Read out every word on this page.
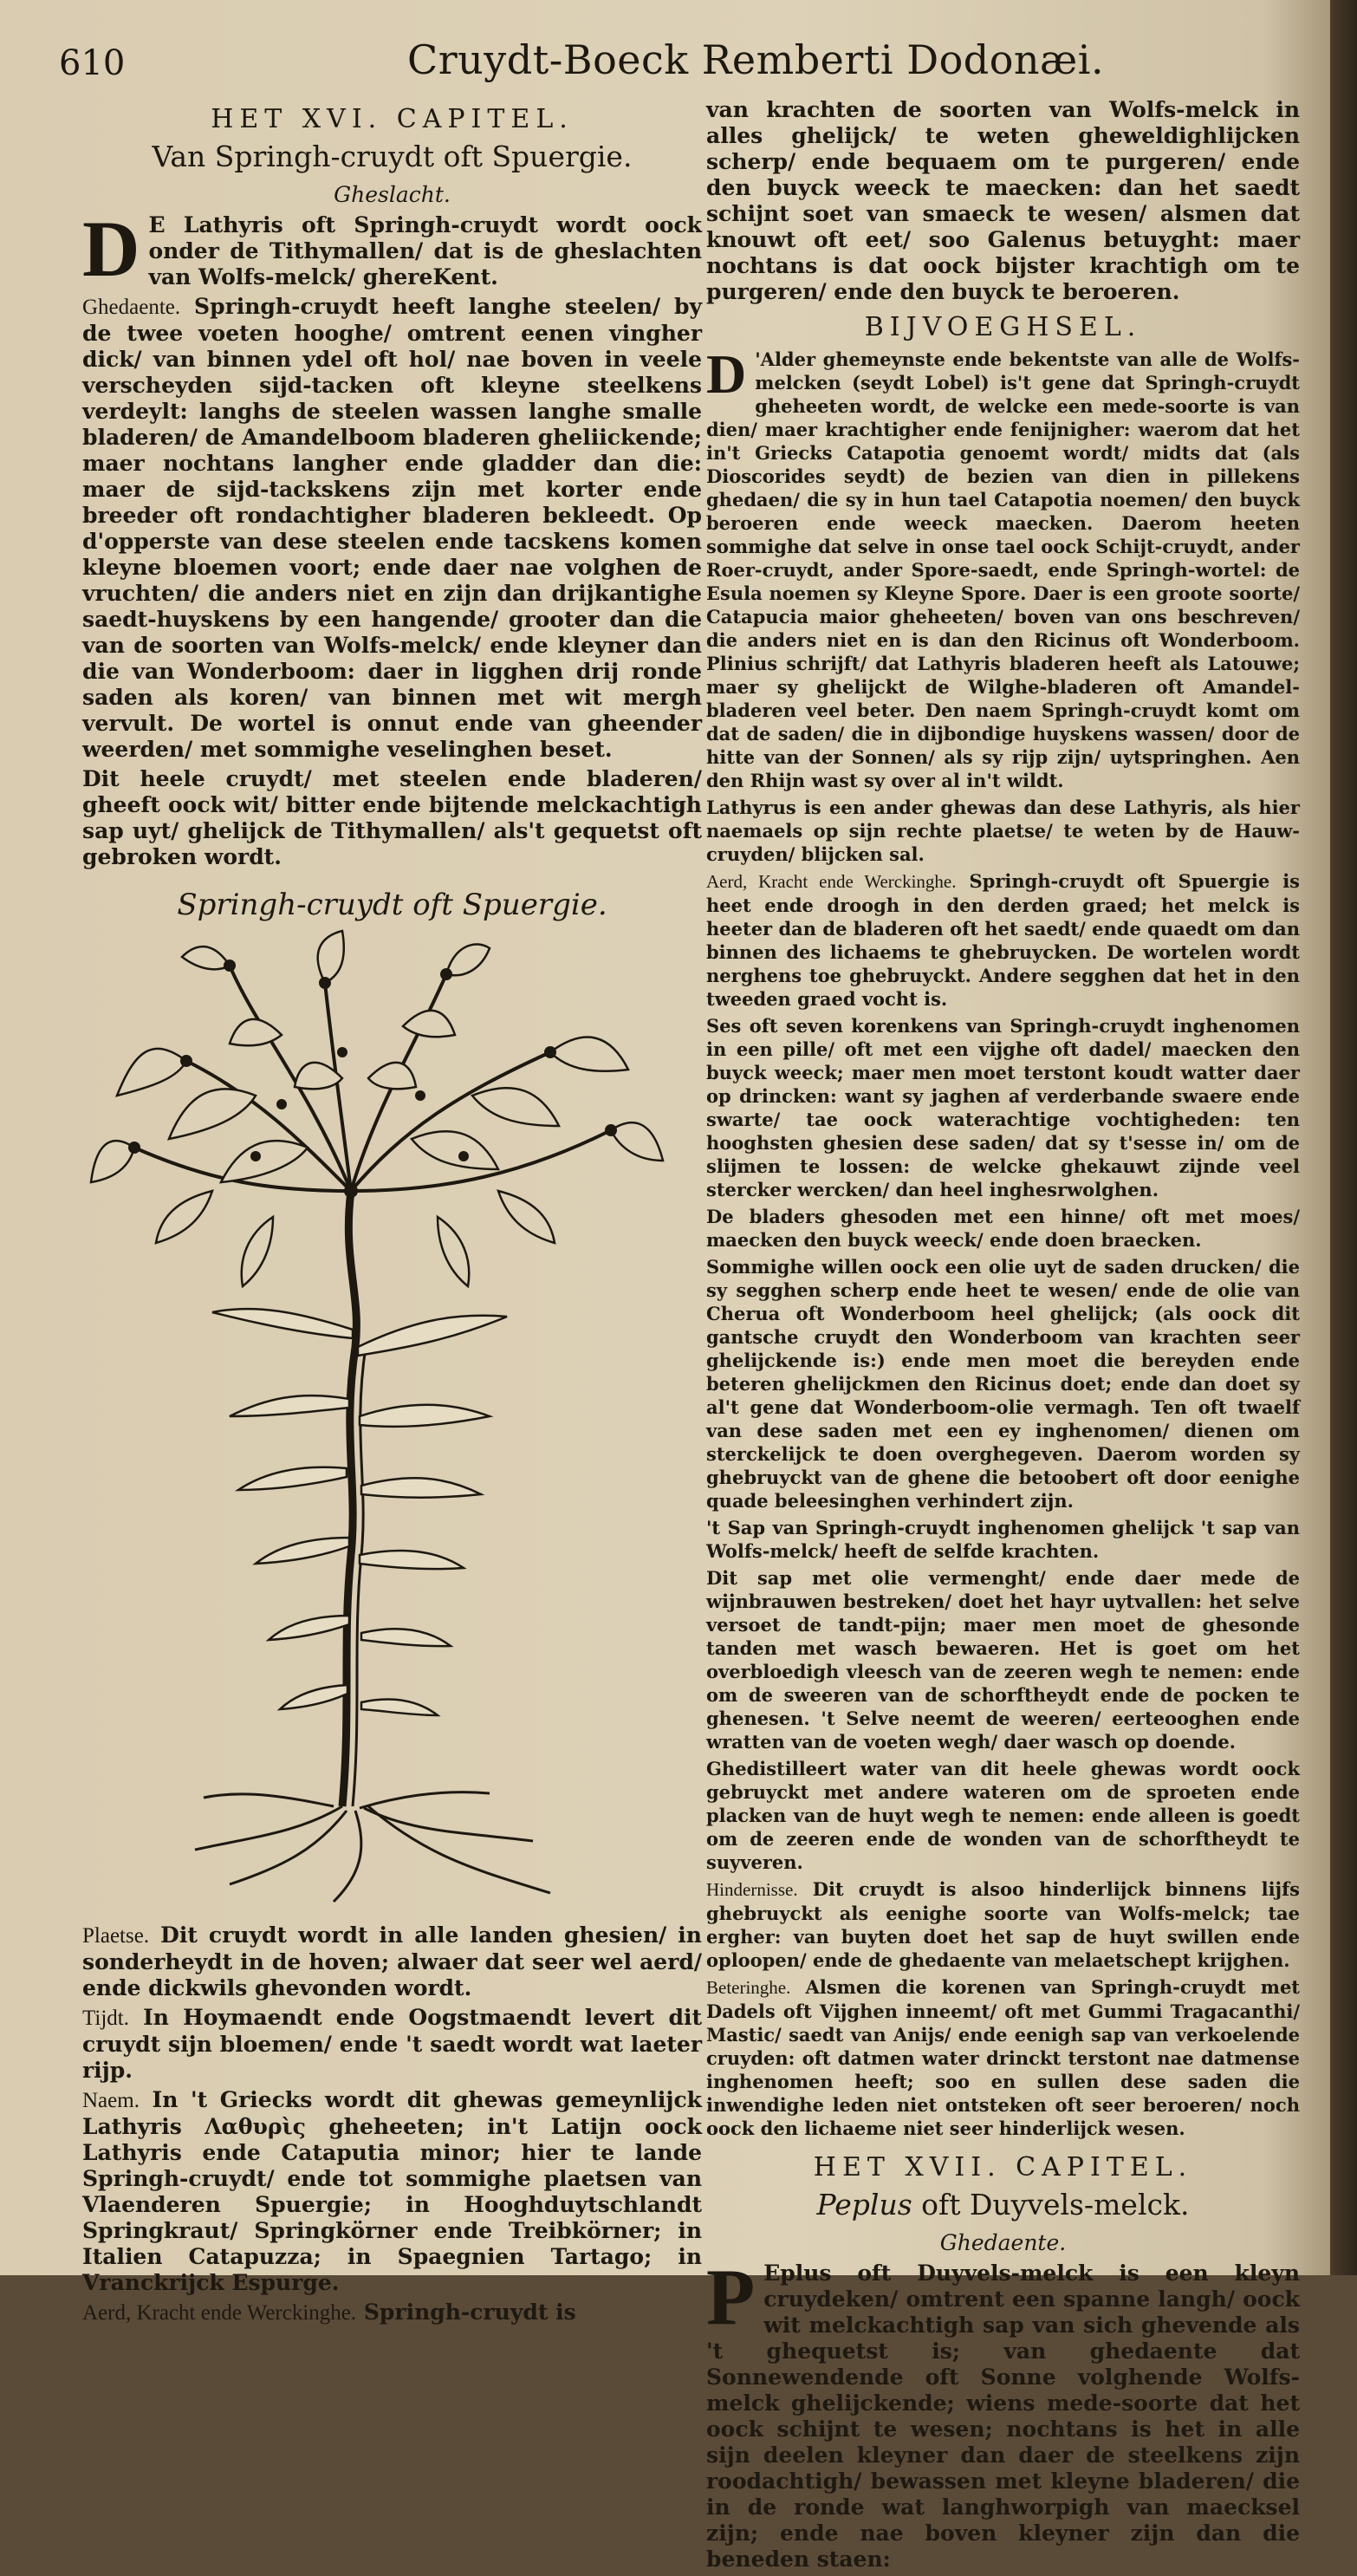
610	Cruydt-Boeck Remberti Dodonæi.
HET XVI. CAPITEL.
Van Springh-cruydt oft Spuergie.
Gheslacht.

D E Lathyris oft Springh-cruydt wordt oock onder de Tithymallen/ dat is de gheslachten van Wolfs-melck/ ghereKent.

Ghedaente. Springh-cruydt heeft langhe steelen/ by de twee voeten hooghe/ omtrent eenen vingher dick/ van binnen ydel oft hol/ nae boven in veele verscheyden sijd-tacken oft kleyne steelkens verdeylt: langhs de steelen wassen langhe smalle bladeren/ de Amandelboom bladeren gheliickende; maer nochtans langher ende gladder dan die: maer de sijd-tackskens zijn met korter ende breeder oft rondachtigher bladeren bekleedt. Op d'opperste van dese steelen ende tacskens komen kleyne bloemen voort; ende daer nae volghen de vruchten/ die anders niet en zijn dan drijkantighe saedt-huyskens by een hangende/ grooter dan die van de soorten van Wolfs-melck/ ende kleyner dan die van Wonderboom: daer in ligghen drij ronde saden als koren/ van binnen met wit mergh vervult. De wortel is onnut ende van gheender weerden/ met sommighe veselinghen beset.

Dit heele cruydt/ met steelen ende bladeren/ gheeft oock wit/ bitter ende bijtende melckachtigh sap uyt/ ghelijck de Tithymallen/ als't gequetst oft gebroken wordt.

Springh-cruydt oft Spuergie.

Plaetse. Dit cruydt wordt in alle landen ghesien/ in sonderheydt in de hoven; alwaer dat seer wel aerd/ ende dickwils ghevonden wordt.

Tijdt. In Hoymaendt ende Oogstmaendt levert dit cruydt sijn bloemen/ ende 't saedt wordt wat laeter rijp.

Naem. In 't Griecks wordt dit ghewas gemeynlijck Lathyris Λαθυρὶς gheheeten; in't Latijn oock Lathyris ende Cataputia minor; hier te lande Springh-cruydt/ ende tot sommighe plaetsen van Vlaenderen Spuergie; in Hooghduytschlandt Springkraut/ Springkörner ende Treibkörner; in Italien Catapuzza; in Spaegnien Tartago; in Vranckrijck Espurge.

Aerd, Kracht ende Werckinghe. Springh-cruydt is

van krachten de soorten van Wolfs-melck in alles ghelijck/ te weten gheweldighlijcken scherp/ ende bequaem om te purgeren/ ende den buyck weeck te maecken: dan het saedt schijnt soet van smaeck te wesen/ alsmen dat knouwt oft eet/ soo Galenus betuyght: maer nochtans is dat oock bijster krachtigh om te purgeren/ ende den buyck te beroeren.

BIJVOEGHSEL.

D 'Alder ghemeynste ende bekentste van alle de Wolfs-melcken (seydt Lobel) is't gene dat Springh-cruydt gheheeten wordt, de welcke een mede-soorte is van dien/ maer krachtigher ende fenijnigher: waerom dat het in't Griecks Catapotia genoemt wordt/ midts dat (als Dioscorides seydt) de bezien van dien in pillekens ghedaen/ die sy in hun tael Catapotia noemen/ den buyck beroeren ende weeck maecken. Daerom heeten sommighe dat selve in onse tael oock Schijt-cruydt, ander Roer-cruydt, ander Spore-saedt, ende Springh-wortel: de Esula noemen sy Kleyne Spore. Daer is een groote soorte/ Catapucia maior gheheeten/ boven van ons beschreven/ die anders niet en is dan den Ricinus oft Wonderboom. Plinius schrijft/ dat Lathyris bladeren heeft als Latouwe; maer sy ghelijckt de Wilghe-bladeren oft Amandel-bladeren veel beter. Den naem Springh-cruydt komt om dat de saden/ die in dijbondige huyskens wassen/ door de hitte van der Sonnen/ als sy rijp zijn/ uytspringhen. Aen den Rhijn wast sy over al in't wildt.

Lathyrus is een ander ghewas dan dese Lathyris, als hier naemaels op sijn rechte plaetse/ te weten by de Hauw-cruyden/ blijcken sal.

Aerd, Kracht ende Werckinghe. Springh-cruydt oft Spuergie is heet ende droogh in den derden graed; het melck is heeter dan de bladeren oft het saedt/ ende quaedt om dan binnen des lichaems te ghebruycken. De wortelen wordt nerghens toe ghebruyckt. Andere segghen dat het in den tweeden graed vocht is.

Ses oft seven korenkens van Springh-cruydt inghenomen in een pille/ oft met een vijghe oft dadel/ maecken den buyck weeck; maer men moet terstont koudt watter daer op drincken: want sy jaghen af verderbande swaere ende swarte/ tae oock waterachtige vochtigheden: ten hooghsten ghesien dese saden/ dat sy t'sesse in/ om de slijmen te lossen: de welcke ghekauwt zijnde veel stercker wercken/ dan heel inghesrwolghen.

De bladers ghesoden met een hinne/ oft met moes/ maecken den buyck weeck/ ende doen braecken.

Sommighe willen oock een olie uyt de saden drucken/ die sy segghen scherp ende heet te wesen/ ende de olie van Cherua oft Wonderboom heel ghelijck; (als oock dit gantsche cruydt den Wonderboom van krachten seer ghelijckende is:) ende men moet die bereyden ende beteren ghelijckmen den Ricinus doet; ende dan doet sy al't gene dat Wonderboom-olie vermagh. Ten oft twaelf van dese saden met een ey inghenomen/ dienen om sterckelijck te doen overghegeven. Daerom worden sy ghebruyckt van de ghene die betoobert oft door eenighe quade beleesinghen verhindert zijn.

't Sap van Springh-cruydt inghenomen ghelijck 't sap van Wolfs-melck/ heeft de selfde krachten.

Dit sap met olie vermenght/ ende daer mede de wijnbrauwen bestreken/ doet het hayr uytvallen: het selve versoet de tandt-pijn; maer men moet de ghesonde tanden met wasch bewaeren. Het is goet om het overbloedigh vleesch van de zeeren wegh te nemen: ende om de sweeren van de schorftheydt ende de pocken te ghenesen. 't Selve neemt de weeren/ eerteooghen ende wratten van de voeten wegh/ daer wasch op doende.

Ghedistilleert water van dit heele ghewas wordt oock gebruyckt met andere wateren om de sproeten ende placken van de huyt wegh te nemen: ende alleen is goedt om de zeeren ende de wonden van de schorftheydt te suyveren.

Hindernisse. Dit cruydt is alsoo hinderlijck binnens lijfs ghebruyckt als eenighe soorte van Wolfs-melck; tae ergher: van buyten doet het sap de huyt swillen ende oploopen/ ende de ghedaente van melaetschept krijghen.

Beteringhe. Alsmen die korenen van Springh-cruydt met Dadels oft Vijghen inneemt/ oft met Gummi Tragacanthi/ Mastic/ saedt van Anijs/ ende eenigh sap van verkoelende cruyden: oft datmen water drinckt terstont nae datmense inghenomen heeft; soo en sullen dese saden die inwendighe leden niet ontsteken oft seer beroeren/ noch oock den lichaeme niet seer hinderlijck wesen.

HET XVII. CAPITEL.
Peplus oft Duyvels-melck.
Ghedaente.

P Eplus oft Duyvels-melck is een kleyn cruydeken/ omtrent een spanne langh/ oock wit melckachtigh sap van sich ghevende als 't ghequetst is; van ghedaente dat Sonnewendende oft Sonne volghende Wolfs-melck ghelijckende; wiens mede-soorte dat het oock schijnt te wesen; nochtans is het in alle sijn deelen kleyner dan daer de steelkens zijn roodachtigh/ bewassen met kleyne bladeren/ die in de ronde wat langhworpigh van maecksel zijn; ende nae boven kleyner zijn dan die beneden staen:
